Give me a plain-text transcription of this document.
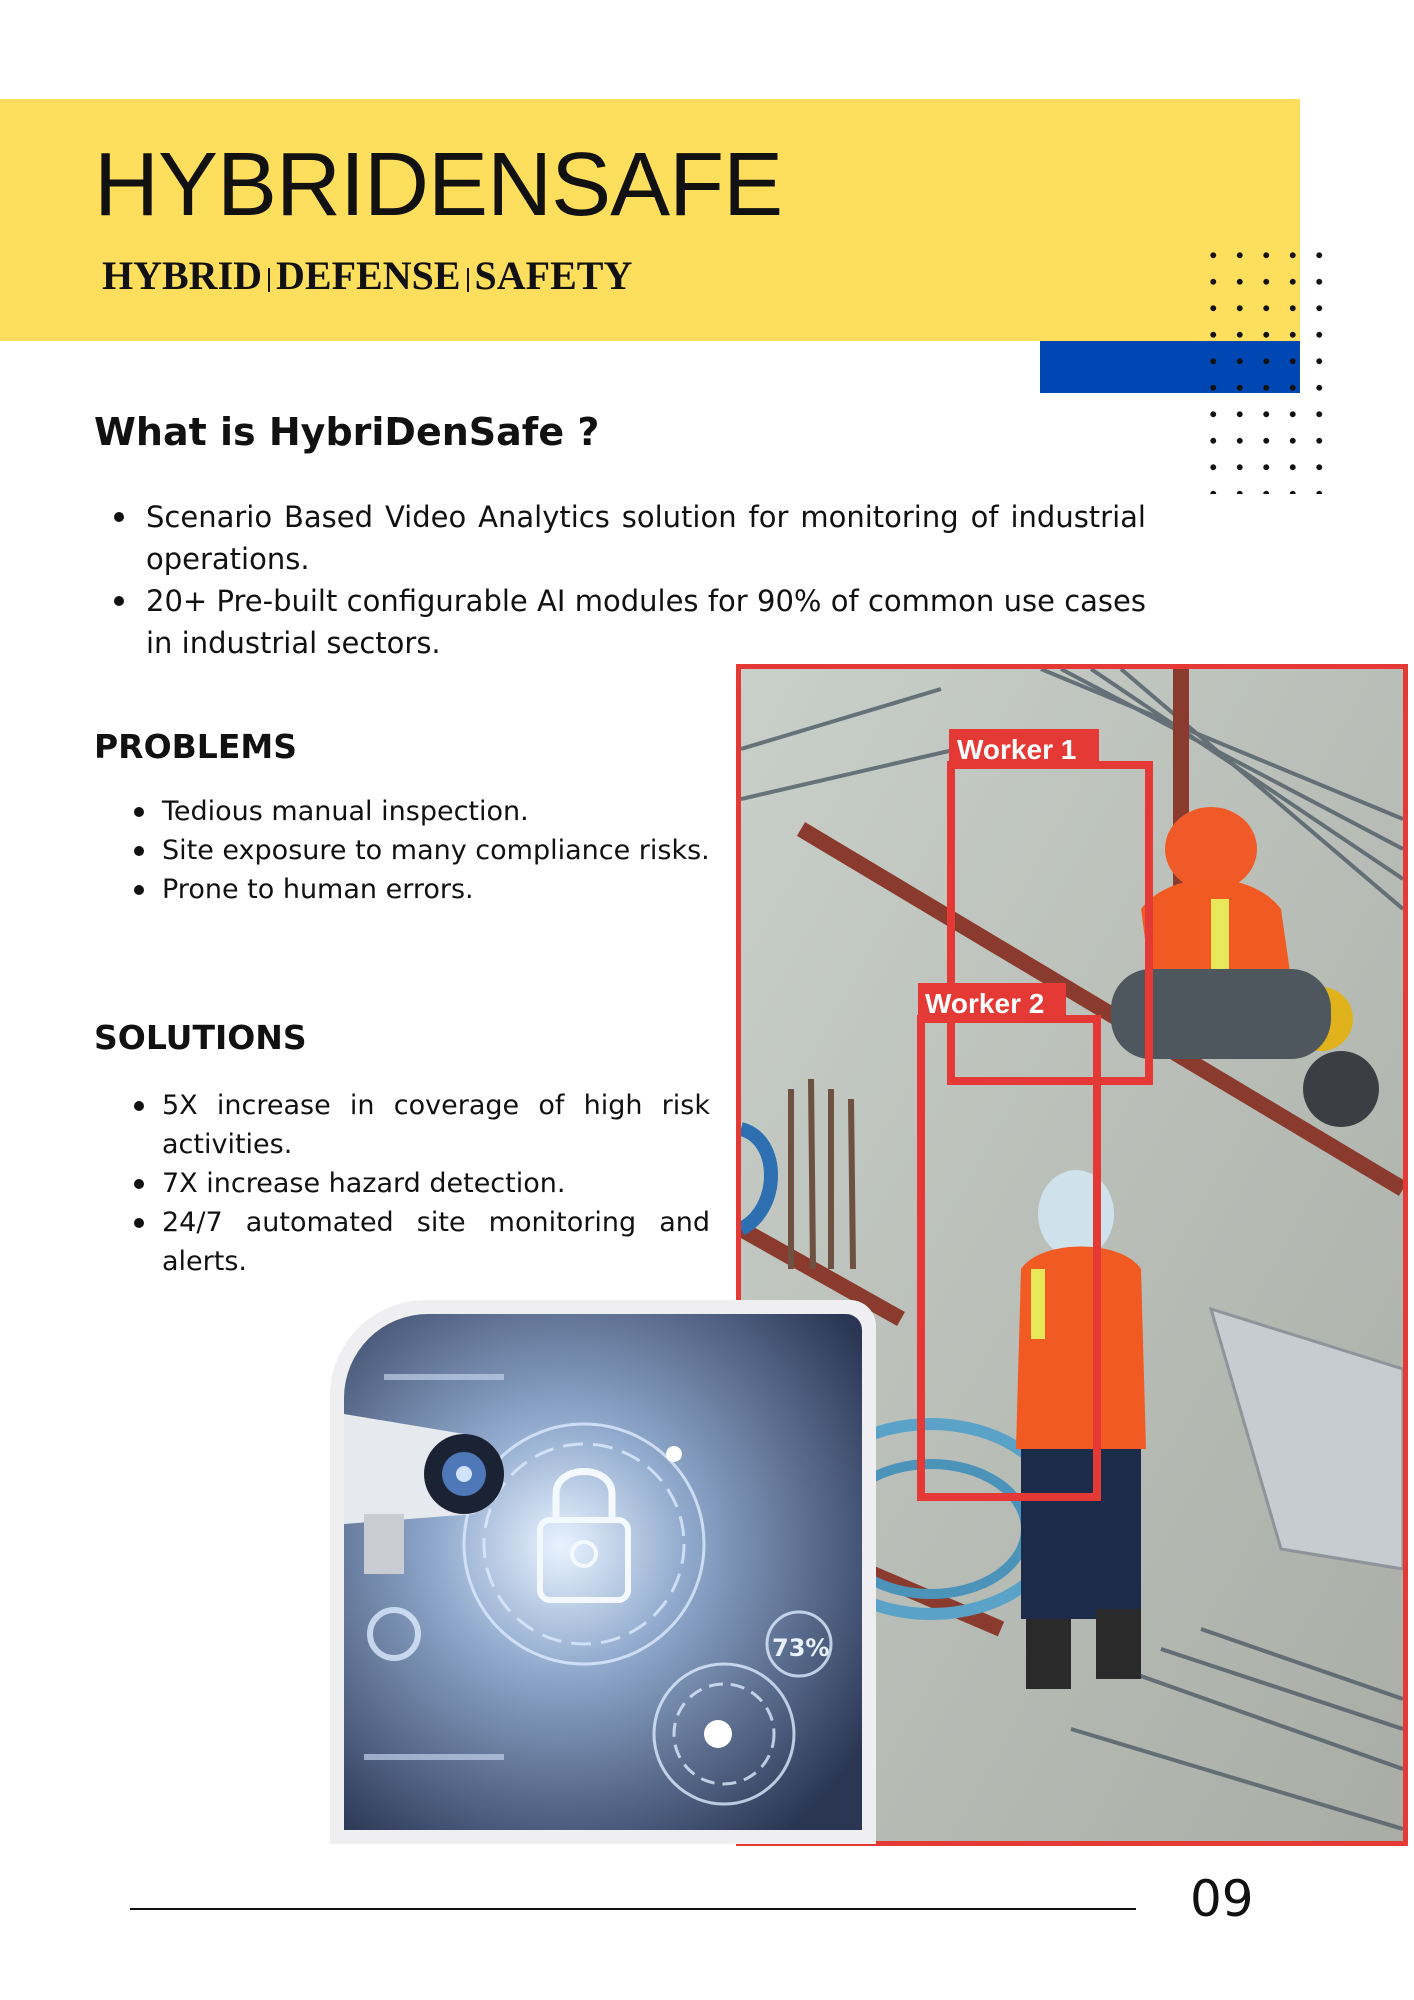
HYBRIDENSAFE
HYBRID DEFENSE SAFETY
What is HybriDenSafe ?
Scenario Based Video Analytics solution for monitoring of industrial operations.
20+ Pre-built configurable AI modules for 90% of common use cases in industrial sectors.
PROBLEMS
Tedious manual inspection.
Site exposure to many compliance risks.
Prone to human errors.
SOLUTIONS
5X increase in coverage of high risk activities.
7X increase hazard detection.
24/7 automated site monitoring and alerts.
Worker 1
Worker 2
73%
09
